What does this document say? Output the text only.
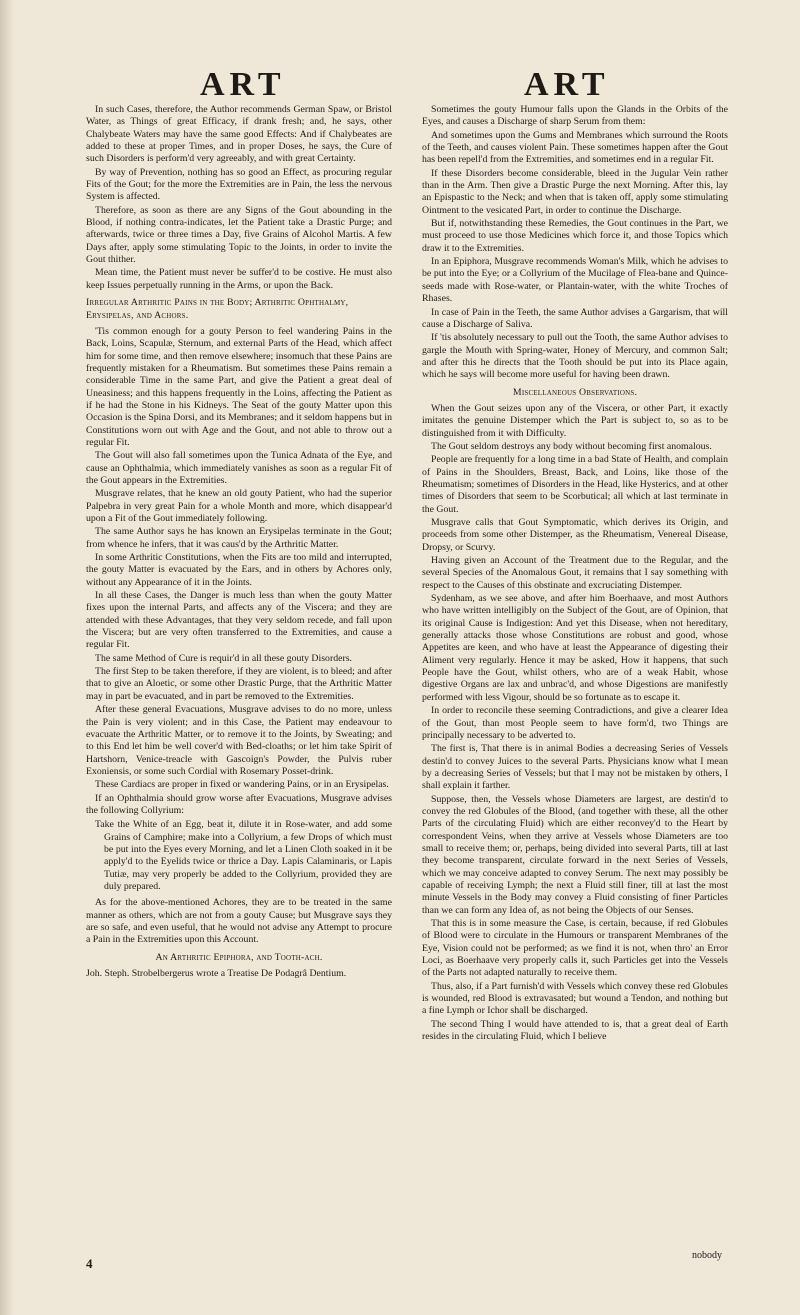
ART	ART

In such Cases, therefore, the Author recommends German Spaw, or Bristol Water, as Things of great Efficacy, if drank fresh; and, he says, other Chalybeate Waters may have the same good Effects: And if Chalybeates are added to these at proper Times, and in proper Doses, he says, the Cure of such Disorders is perform'd very agreeably, and with great Certainty.

By way of Prevention, nothing has so good an Effect, as procuring regular Fits of the Gout; for the more the Extremities are in Pain, the less the nervous System is affected.

Therefore, as soon as there are any Signs of the Gout abounding in the Blood, if nothing contra-indicates, let the Patient take a Drastic Purge; and afterwards, twice or three times a Day, five Grains of Alcohol Martis. A few Days after, apply some stimulating Topic to the Joints, in order to invite the Gout thither.

Mean time, the Patient must never be suffer'd to be costive. He must also keep Issues perpetually running in the Arms, or upon the Back.

Irregular Arthritic Pains in the Body; Arthritic Ophthalmy, Erysipelas, and Achors.

'Tis common enough for a gouty Person to feel wandering Pains in the Back, Loins, Scapulæ, Sternum, and external Parts of the Head, which affect him for some time, and then remove elsewhere; insomuch that these Pains are frequently mistaken for a Rheumatism. But sometimes these Pains remain a considerable Time in the same Part, and give the Patient a great deal of Uneasiness; and this happens frequently in the Loins, affecting the Patient as if he had the Stone in his Kidneys. The Seat of the gouty Matter upon this Occasion is the Spina Dorsi, and its Membranes; and it seldom happens but in Constitutions worn out with Age and the Gout, and not able to throw out a regular Fit.

The Gout will also fall sometimes upon the Tunica Adnata of the Eye, and cause an Ophthalmia, which immediately vanishes as soon as a regular Fit of the Gout appears in the Extremities.

Musgrave relates, that he knew an old gouty Patient, who had the superior Palpebra in very great Pain for a whole Month and more, which disappear'd upon a Fit of the Gout immediately following.

The same Author says he has known an Erysipelas terminate in the Gout; from whence he infers, that it was caus'd by the Arthritic Matter.

In some Arthritic Constitutions, when the Fits are too mild and interrupted, the gouty Matter is evacuated by the Ears, and in others by Achores only, without any Appearance of it in the Joints.

In all these Cases, the Danger is much less than when the gouty Matter fixes upon the internal Parts, and affects any of the Viscera; and they are attended with these Advantages, that they very seldom recede, and fall upon the Viscera; but are very often transferred to the Extremities, and cause a regular Fit.

The same Method of Cure is requir'd in all these gouty Disorders.

The first Step to be taken therefore, if they are violent, is to bleed; and after that to give an Aloetic, or some other Drastic Purge, that the Arthritic Matter may in part be evacuated, and in part be removed to the Extremities.

After these general Evacuations, Musgrave advises to do no more, unless the Pain is very violent; and in this Case, the Patient may endeavour to evacuate the Arthritic Matter, or to remove it to the Joints, by Sweating; and to this End let him be well cover'd with Bed-cloaths; or let him take Spirit of Hartshorn, Venice-treacle with Gascoign's Powder, the Pulvis ruber Exoniensis, or some such Cordial with Rosemary Posset-drink.

These Cardiacs are proper in fixed or wandering Pains, or in an Erysipelas.

If an Ophthalmia should grow worse after Evacuations, Musgrave advises the following Collyrium:

Take the White of an Egg, beat it, dilute it in Rose-water, and add some Grains of Camphire; make into a Collyrium, a few Drops of which must be put into the Eyes every Morning, and let a Linen Cloth soaked in it be apply'd to the Eyelids twice or thrice a Day. Lapis Calaminaris, or Lapis Tutiæ, may very properly be added to the Collyrium, provided they are duly prepared.

As for the above-mentioned Achores, they are to be treated in the same manner as others, which are not from a gouty Cause; but Musgrave says they are so safe, and even useful, that he would not advise any Attempt to procure a Pain in the Extremities upon this Account.

An Arthritic Epiphora, and Tooth-ach.

Joh. Steph. Strobelbergerus wrote a Treatise De Podagrâ Dentium.

Sometimes the gouty Humour falls upon the Glands in the Orbits of the Eyes, and causes a Discharge of sharp Serum from them:

And sometimes upon the Gums and Membranes which surround the Roots of the Teeth, and causes violent Pain. These sometimes happen after the Gout has been repell'd from the Extremities, and sometimes end in a regular Fit.

If these Disorders become considerable, bleed in the Jugular Vein rather than in the Arm. Then give a Drastic Purge the next Morning. After this, lay an Epispastic to the Neck; and when that is taken off, apply some stimulating Ointment to the vesicated Part, in order to continue the Discharge.

But if, notwithstanding these Remedies, the Gout continues in the Part, we must proceed to use those Medicines which force it, and those Topics which draw it to the Extremities.

In an Epiphora, Musgrave recommends Woman's Milk, which he advises to be put into the Eye; or a Collyrium of the Mucilage of Flea-bane and Quince-seeds made with Rose-water, or Plantain-water, with the white Troches of Rhases.

In case of Pain in the Teeth, the same Author advises a Gargarism, that will cause a Discharge of Saliva.

If 'tis absolutely necessary to pull out the Tooth, the same Author advises to gargle the Mouth with Spring-water, Honey of Mercury, and common Salt; and after this he directs that the Tooth should be put into its Place again, which he says will become more useful for having been drawn.

Miscellaneous Observations.

When the Gout seizes upon any of the Viscera, or other Part, it exactly imitates the genuine Distemper which the Part is subject to, so as to be distinguished from it with Difficulty.

The Gout seldom destroys any body without becoming first anomalous.

People are frequently for a long time in a bad State of Health, and complain of Pains in the Shoulders, Breast, Back, and Loins, like those of the Rheumatism; sometimes of Disorders in the Head, like Hysterics, and at other times of Disorders that seem to be Scorbutical; all which at last terminate in the Gout.

Musgrave calls that Gout Symptomatic, which derives its Origin, and proceeds from some other Distemper, as the Rheumatism, Venereal Disease, Dropsy, or Scurvy.

Having given an Account of the Treatment due to the Regular, and the several Species of the Anomalous Gout, it remains that I say something with respect to the Causes of this obstinate and excruciating Distemper.

Sydenham, as we see above, and after him Boerhaave, and most Authors who have written intelligibly on the Subject of the Gout, are of Opinion, that its original Cause is Indigestion: And yet this Disease, when not hereditary, generally attacks those whose Constitutions are robust and good, whose Appetites are keen, and who have at least the Appearance of digesting their Aliment very regularly. Hence it may be asked, How it happens, that such People have the Gout, whilst others, who are of a weak Habit, whose digestive Organs are lax and unbrac'd, and whose Digestions are manifestly performed with less Vigour, should be so fortunate as to escape it.

In order to reconcile these seeming Contradictions, and give a clearer Idea of the Gout, than most People seem to have form'd, two Things are principally necessary to be adverted to.

The first is, That there is in animal Bodies a decreasing Series of Vessels destin'd to convey Juices to the several Parts. Physicians know what I mean by a decreasing Series of Vessels; but that I may not be mistaken by others, I shall explain it farther.

Suppose, then, the Vessels whose Diameters are largest, are destin'd to convey the red Globules of the Blood, (and together with these, all the other Parts of the circulating Fluid) which are either reconvey'd to the Heart by correspondent Veins, when they arrive at Vessels whose Diameters are too small to receive them; or, perhaps, being divided into several Parts, till at last they become transparent, circulate forward in the next Series of Vessels, which we may conceive adapted to convey Serum. The next may possibly be capable of receiving Lymph; the next a Fluid still finer, till at last the most minute Vessels in the Body may convey a Fluid consisting of finer Particles than we can form any Idea of, as not being the Objects of our Senses.

That this is in some measure the Case, is certain, because, if red Globules of Blood were to circulate in the Humours or transparent Membranes of the Eye, Vision could not be performed; as we find it is not, when thro' an Error Loci, as Boerhaave very properly calls it, such Particles get into the Vessels of the Parts not adapted naturally to receive them.

Thus, also, if a Part furnish'd with Vessels which convey these red Globules is wounded, red Blood is extravasated; but wound a Tendon, and nothing but a fine Lymph or Ichor shall be discharged.

The second Thing I would have attended to is, that a great deal of Earth resides in the circulating Fluid, which I believe

4
nobody
